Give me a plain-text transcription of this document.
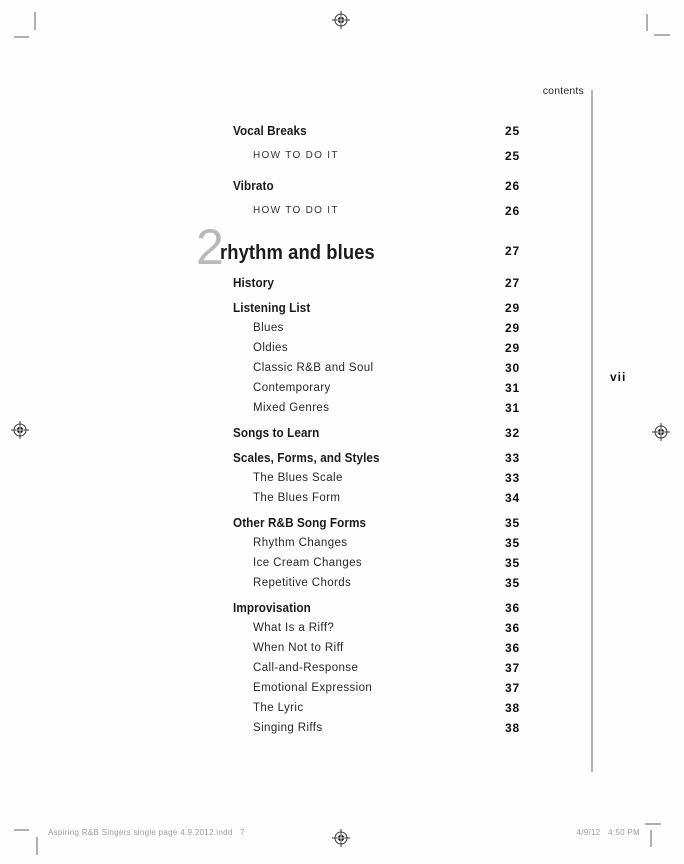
contents
vii
Vocal Breaks	25
HOW TO DO IT	25
Vibrato	26
HOW TO DO IT	26
2
rhythm and blues	27
History	27
Listening List	29
Blues	29
Oldies	29
Classic R&B and Soul	30
Contemporary	31
Mixed Genres	31
Songs to Learn	32
Scales, Forms, and Styles	33
The Blues Scale	33
The Blues Form	34
Other R&B Song Forms	35
Rhythm Changes	35
Ice Cream Changes	35
Repetitive Chords	35
Improvisation	36
What Is a Riff?	36
When Not to Riff	36
Call-and-Response	37
Emotional Expression	37
The Lyric	38
Singing Riffs	38
Aspiring R&B Singers single page 4.9.2012.indd   7	4/9/12   4:50 PM
